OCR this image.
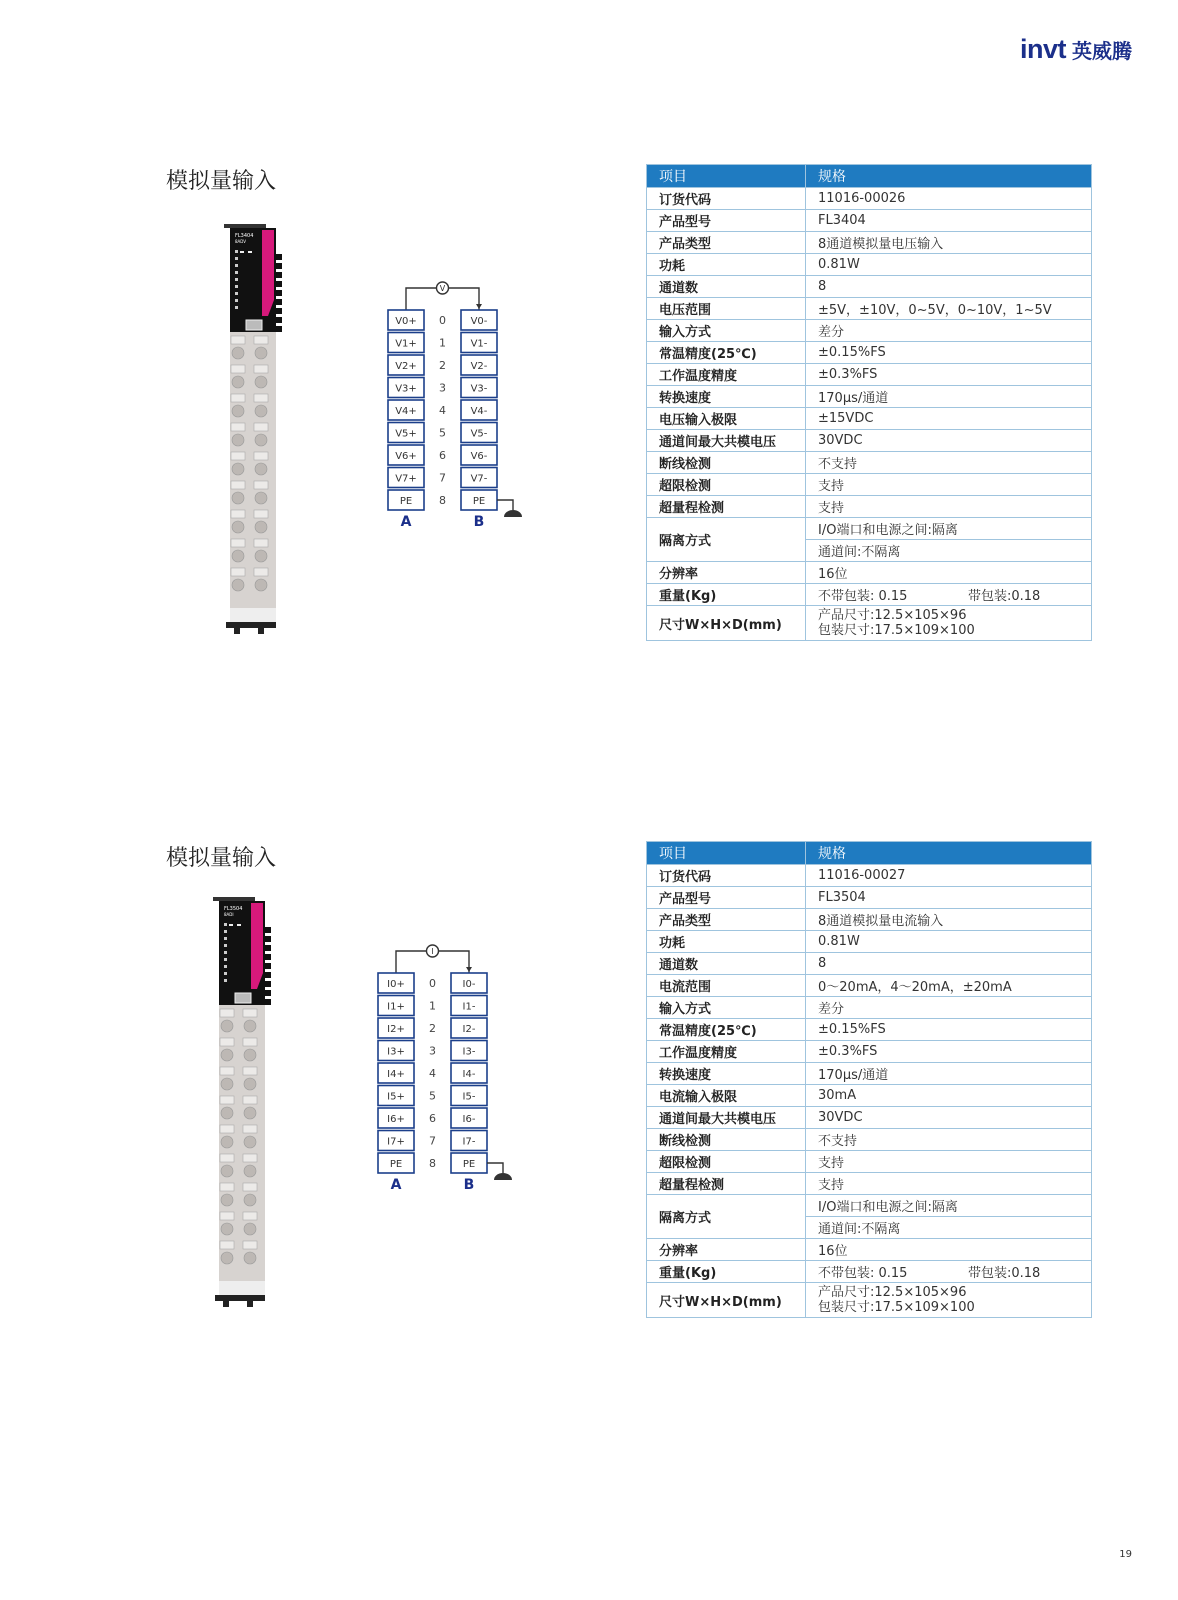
invt 英威腾
模拟量输入
FL3404
8ADV
V
V0+ 0 V0-
V1+ 1 V1-
V2+ 2 V2-
V3+ 3 V3-
V4+ 4 V4-
V5+ 5 V5-
V6+ 6 V6-
V7+ 7 V7-
PE 8	PE
A	B
项目	规格
订货代码	11016-00026
产品型号	FL3404
产品类型	8通道模拟量电压输入
功耗	0.81W
通道数	8
电压范围	±5V，±10V，0~5V，0~10V，1~5V
输入方式	差分
常温精度(25℃)	±0.15%FS
工作温度精度	±0.3%FS
转换速度	170μs/通道
电压输入极限	±15VDC
通道间最大共模电压	30VDC
断线检测	不支持
超限检测	支持
超量程检测	支持
隔离方式	I/O端口和电源之间:隔离
	通道间:不隔离
分辨率	16位
重量(Kg)	不带包装: 0.15 带包装:0.18

尺寸W×H×D(mm)	产品尺寸:12.5×105×96
包装尺寸:17.5×109×100
模拟量输入
FL3504
8ADI
I
I0+ 0	I0-
I1+ 1	I1-
I2+ 2	I2-
I3+ 3	I3-
I4+ 4	I4-
I5+ 5	I5-
I6+ 6	I6-
I7+ 7	I7-
PE 8	PE
A	B
项目	规格
订货代码	11016-00027
产品型号	FL3504
产品类型	8通道模拟量电流输入
功耗	0.81W
通道数	8
电流范围	0～20mA，4～20mA，±20mA
输入方式	差分
常温精度(25℃)	±0.15%FS
工作温度精度	±0.3%FS
转换速度	170μs/通道
电流输入极限	30mA
通道间最大共模电压	30VDC
断线检测	不支持
超限检测	支持
超量程检测	支持
隔离方式	I/O端口和电源之间:隔离
	通道间:不隔离
分辨率	16位
重量(Kg)	不带包装: 0.15 带包装:0.18

尺寸W×H×D(mm)	产品尺寸:12.5×105×96
包装尺寸:17.5×109×100
19
